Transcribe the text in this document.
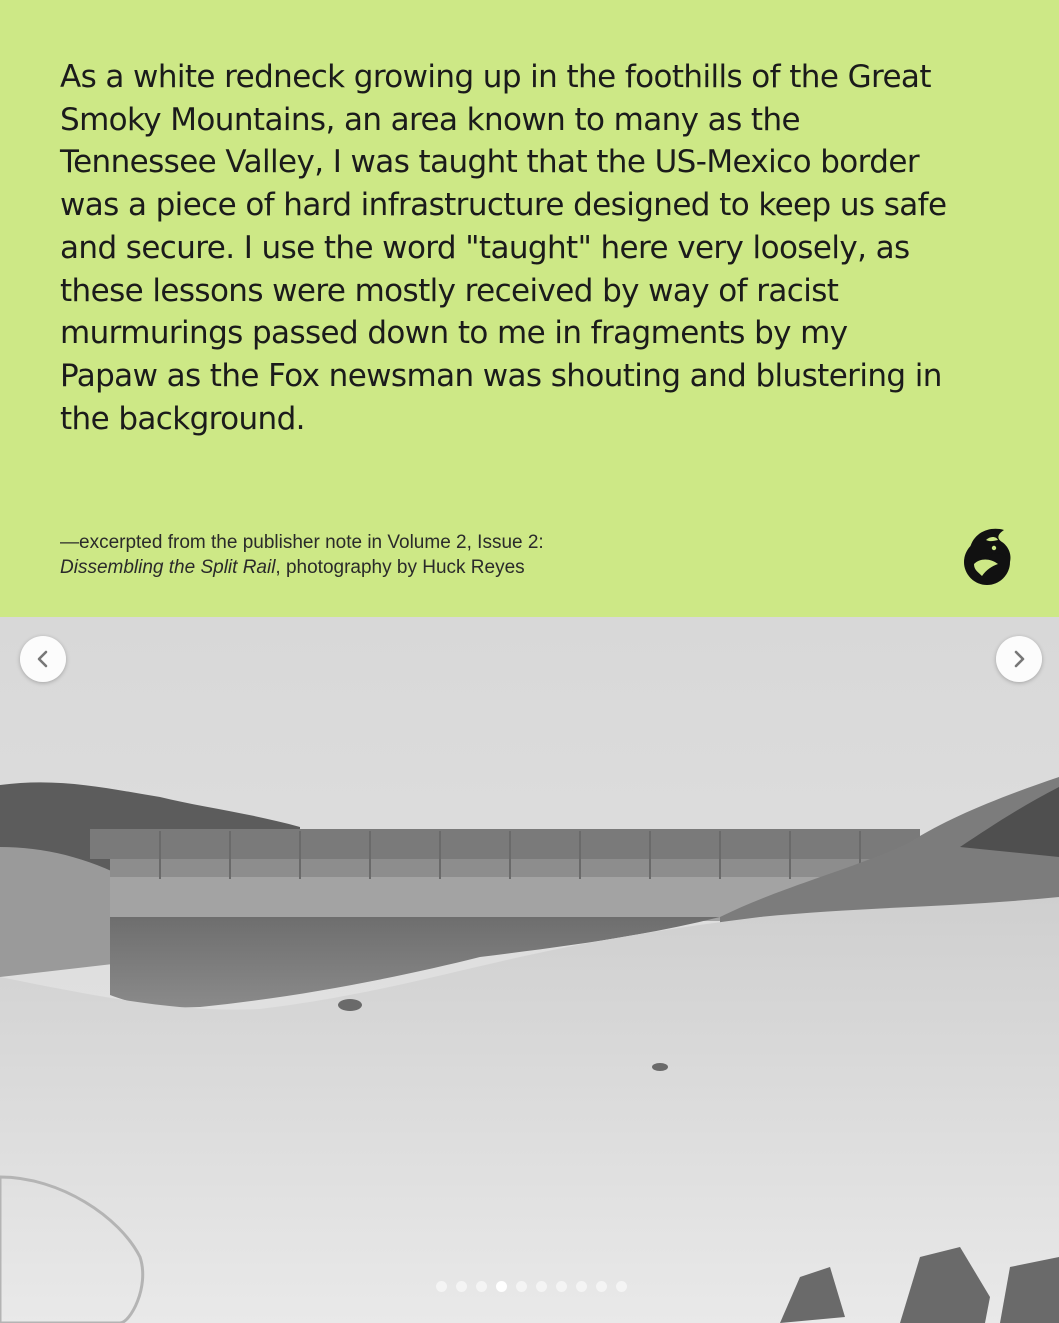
As a white redneck growing up in the foothills of the Great
Smoky Mountains, an area known to many as the
Tennessee Valley, I was taught that the US-Mexico border
was a piece of hard infrastructure designed to keep us safe
and secure. I use the word "taught" here very loosely, as
these lessons were mostly received by way of racist
murmurings passed down to me in fragments by my
Papaw as the Fox newsman was shouting and blustering in
the background.

—excerpted from the publisher note in Volume 2, Issue 2:
Dissembling the Split Rail, photography by Huck Reyes
